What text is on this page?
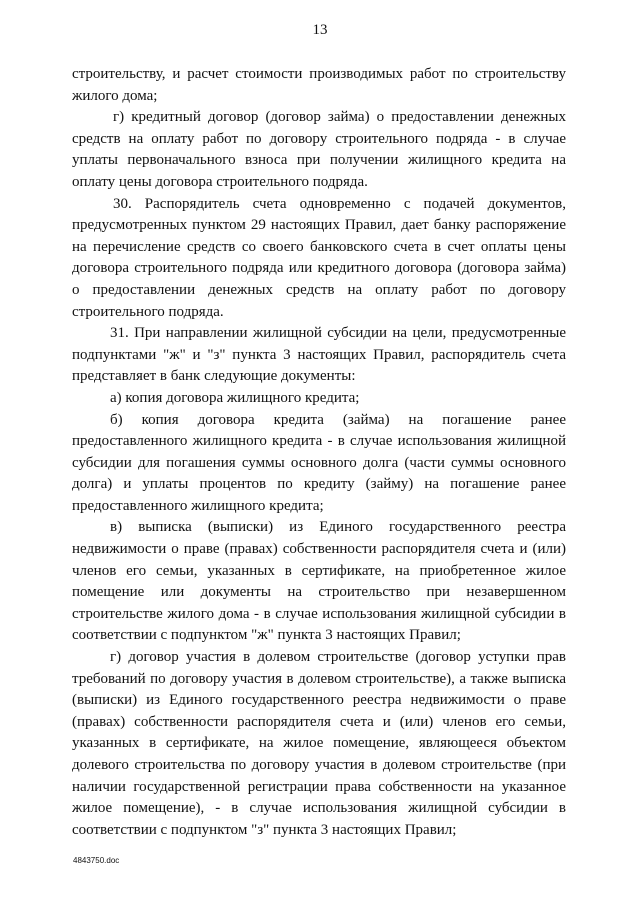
13

строительству, и расчет стоимости производимых работ по строительству жилого дома;

г) кредитный договор (договор займа) о предоставлении денежных средств на оплату работ по договору строительного подряда - в случае уплаты первоначального взноса при получении жилищного кредита на оплату цены договора строительного подряда.

30. Распорядитель счета одновременно с подачей документов, предусмотренных пунктом 29 настоящих Правил, дает банку распоряжение на перечисление средств со своего банковского счета в счет оплаты цены договора строительного подряда или кредитного договора (договора займа) о предоставлении денежных средств на оплату работ по договору строительного подряда.

31. При направлении жилищной субсидии на цели, предусмотренные подпунктами "ж" и "з" пункта 3 настоящих Правил, распорядитель счета представляет в банк следующие документы:

а) копия договора жилищного кредита;

б) копия договора кредита (займа) на погашение ранее предоставленного жилищного кредита - в случае использования жилищной субсидии для погашения суммы основного долга (части суммы основного долга) и уплаты процентов по кредиту (займу) на погашение ранее предоставленного жилищного кредита;

в) выписка (выписки) из Единого государственного реестра недвижимости о праве (правах) собственности распорядителя счета и (или) членов его семьи, указанных в сертификате, на приобретенное жилое помещение или документы на строительство при незавершенном строительстве жилого дома - в случае использования жилищной субсидии в соответствии с подпунктом "ж" пункта 3 настоящих Правил;

г) договор участия в долевом строительстве (договор уступки прав требований по договору участия в долевом строительстве), а также выписка (выписки) из Единого государственного реестра недвижимости о праве (правах) собственности распорядителя счета и (или) членов его семьи, указанных в сертификате, на жилое помещение, являющееся объектом долевого строительства по договору участия в долевом строительстве (при наличии государственной регистрации права собственности на указанное жилое помещение), - в случае использования жилищной субсидии в соответствии с подпунктом "з" пункта 3 настоящих Правил;

4843750.doc
